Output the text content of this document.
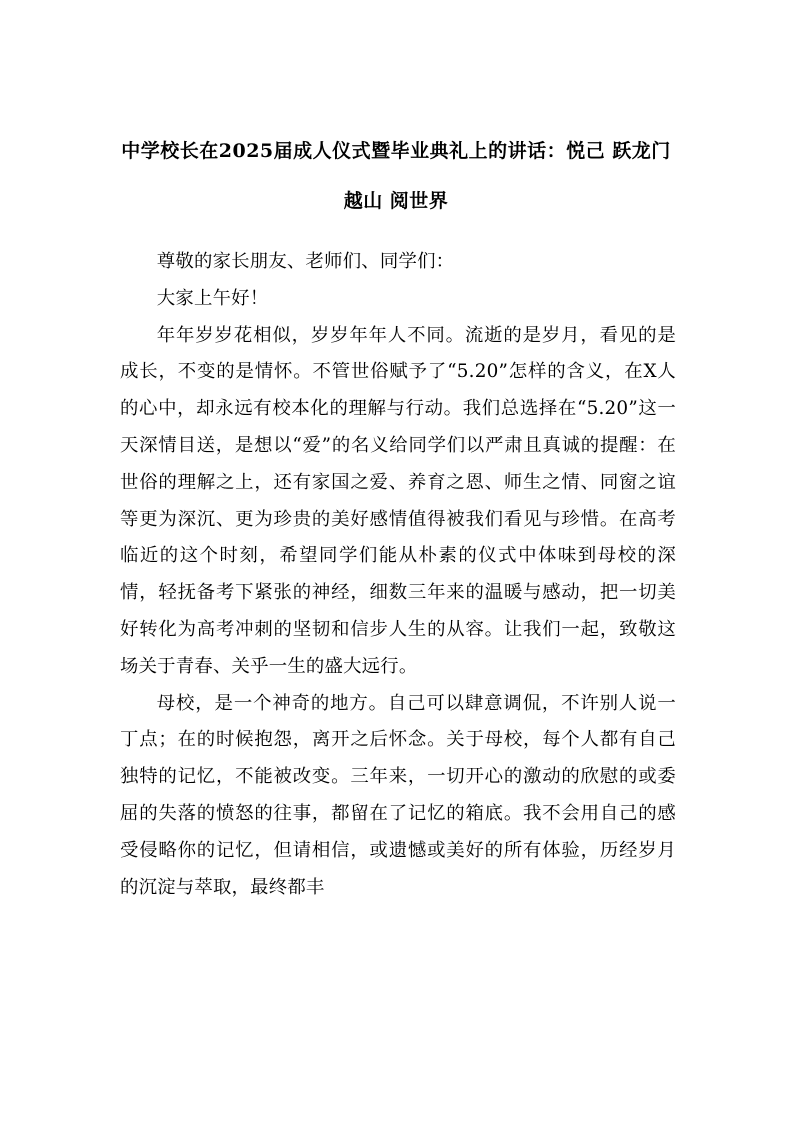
中学校长在2025届成人仪式暨毕业典礼上的讲话：悦己 跃龙门 越山 阅世界

尊敬的家长朋友、老师们、同学们：

大家上午好！

年年岁岁花相似，岁岁年年人不同。流逝的是岁月，看见的是成长，不变的是情怀。不管世俗赋予了“5.20”怎样的含义，在X人的心中，却永远有校本化的理解与行动。我们总选择在“5.20”这一天深情目送，是想以“爱”的名义给同学们以严肃且真诚的提醒：在世俗的理解之上，还有家国之爱、养育之恩、师生之情、同窗之谊等更为深沉、更为珍贵的美好感情值得被我们看见与珍惜。在高考临近的这个时刻，希望同学们能从朴素的仪式中体味到母校的深情，轻抚备考下紧张的神经，细数三年来的温暖与感动，把一切美好转化为高考冲刺的坚韧和信步人生的从容。让我们一起，致敬这场关于青春、关乎一生的盛大远行。

母校，是一个神奇的地方。自己可以肆意调侃，不许别人说一丁点；在的时候抱怨，离开之后怀念。关于母校，每个人都有自己独特的记忆，不能被改变。三年来，一切开心的激动的欣慰的或委屈的失落的愤怒的往事，都留在了记忆的箱底。我不会用自己的感受侵略你的记忆，但请相信，或遗憾或美好的所有体验，历经岁月的沉淀与萃取，最终都丰
